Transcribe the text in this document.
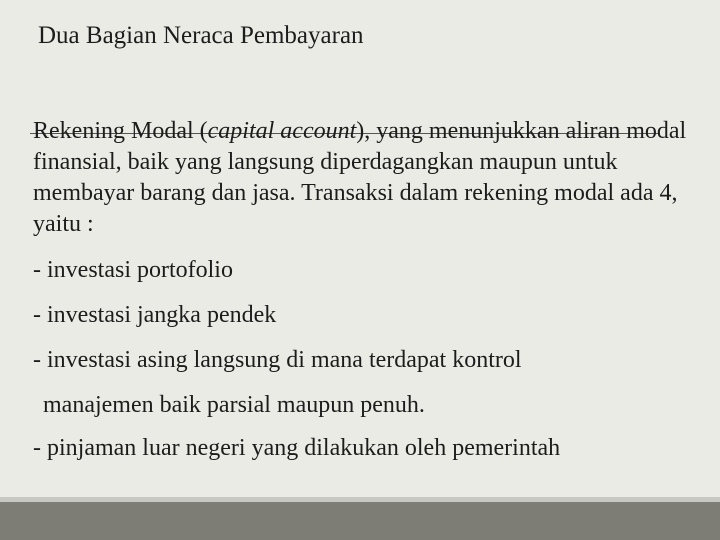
Dua Bagian Neraca Pembayaran

Rekening Modal (capital account), yang menunjukkan aliran modal finansial, baik yang langsung diperdagangkan maupun untuk membayar barang dan jasa. Transaksi dalam rekening modal ada 4, yaitu :

- investasi portofolio
- investasi jangka pendek
- investasi asing langsung di mana terdapat kontrol
manajemen baik parsial maupun penuh.
- pinjaman luar negeri yang dilakukan oleh pemerintah
